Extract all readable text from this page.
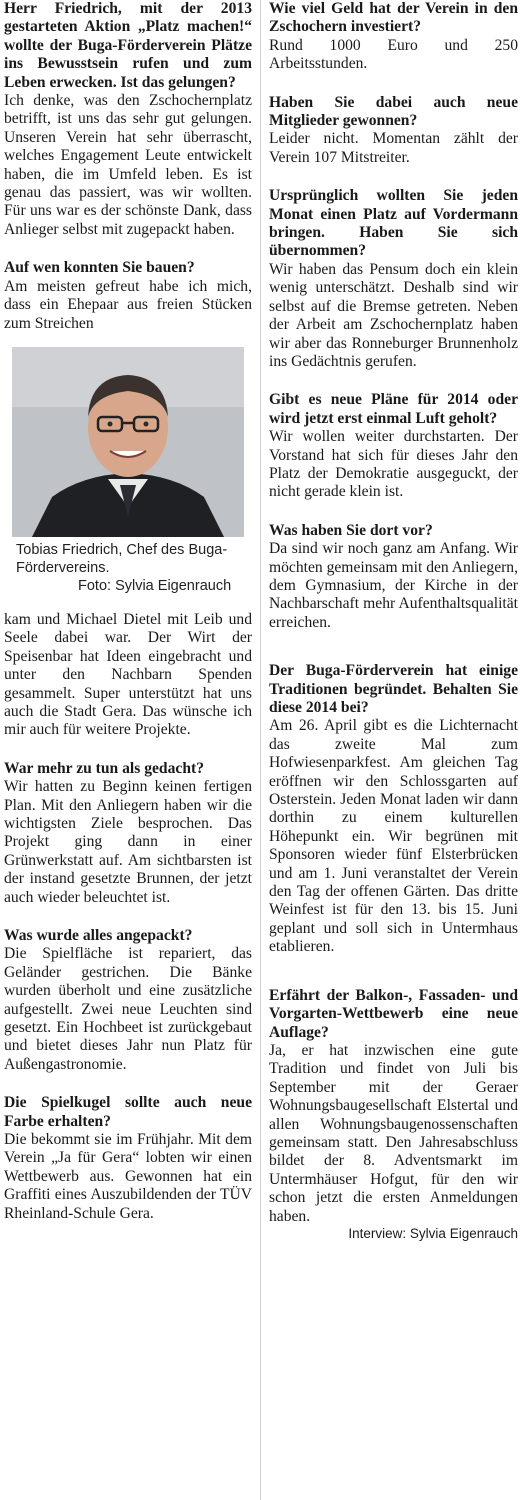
Herr Friedrich, mit der 2013 gestarteten Aktion „Platz machen!“ wollte der Buga-Förderverein Plätze ins Bewusstsein rufen und zum Leben erwecken. Ist das gelungen?

Ich denke, was den Zschochernplatz betrifft, ist uns das sehr gut gelungen. Unseren Verein hat sehr überrascht, welches Engagement Leute entwickelt haben, die im Umfeld leben. Es ist genau das passiert, was wir wollten. Für uns war es der schönste Dank, dass Anlieger selbst mit zugepackt haben.

Auf wen konnten Sie bauen?

Am meisten gefreut habe ich mich, dass ein Ehepaar aus freien Stücken zum Streichen

Tobias Friedrich, Chef des Buga-Fördervereins.
Foto: Sylvia Eigenrauch

kam und Michael Dietel mit Leib und Seele dabei war. Der Wirt der Speisenbar hat Ideen eingebracht und unter den Nachbarn Spenden gesammelt. Super unterstützt hat uns auch die Stadt Gera. Das wünsche ich mir auch für weitere Projekte.

War mehr zu tun als gedacht?

Wir hatten zu Beginn keinen fertigen Plan. Mit den Anliegern haben wir die wichtigsten Ziele besprochen. Das Projekt ging dann in einer Grünwerkstatt auf. Am sichtbarsten ist der instand gesetzte Brunnen, der jetzt auch wieder beleuchtet ist.

Was wurde alles angepackt?

Die Spielfläche ist repariert, das Geländer gestrichen. Die Bänke wurden überholt und eine zusätzliche aufgestellt. Zwei neue Leuchten sind gesetzt. Ein Hochbeet ist zurückgebaut und bietet dieses Jahr nun Platz für Außengastronomie.

Die Spielkugel sollte auch neue Farbe erhalten?

Die bekommt sie im Frühjahr. Mit dem Verein „Ja für Gera“ lobten wir einen Wettbewerb aus. Gewonnen hat ein Graffiti eines Auszubildenden der TÜV Rheinland-Schule Gera.

Wie viel Geld hat der Verein in den Zschochern investiert?

Rund 1000 Euro und 250 Arbeitsstunden.

Haben Sie dabei auch neue Mitglieder gewonnen?

Leider nicht. Momentan zählt der Verein 107 Mitstreiter.

Ursprünglich wollten Sie jeden Monat einen Platz auf Vordermann bringen. Haben Sie sich übernommen?

Wir haben das Pensum doch ein klein wenig unterschätzt. Deshalb sind wir selbst auf die Bremse getreten. Neben der Arbeit am Zschochernplatz haben wir aber das Ronneburger Brunnenholz ins Gedächtnis gerufen.

Gibt es neue Pläne für 2014 oder wird jetzt erst einmal Luft geholt?

Wir wollen weiter durchstarten. Der Vorstand hat sich für dieses Jahr den Platz der Demokratie ausgeguckt, der nicht gerade klein ist.

Was haben Sie dort vor?

Da sind wir noch ganz am Anfang. Wir möchten gemeinsam mit den Anliegern, dem Gymnasium, der Kirche in der Nachbarschaft mehr Aufenthaltsqualität erreichen.

Der Buga-Förderverein hat einige Traditionen begründet. Behalten Sie diese 2014 bei?

Am 26. April gibt es die Lichternacht das zweite Mal zum Hofwiesenparkfest. Am gleichen Tag eröffnen wir den Schlossgarten auf Osterstein. Jeden Monat laden wir dann dorthin zu einem kulturellen Höhepunkt ein. Wir begrünen mit Sponsoren wieder fünf Elsterbrücken und am 1. Juni veranstaltet der Verein den Tag der offenen Gärten. Das dritte Weinfest ist für den 13. bis 15. Juni geplant und soll sich in Untermhaus etablieren.

Erfährt der Balkon-, Fassaden- und Vorgarten-Wettbewerb eine neue Auflage?

Ja, er hat inzwischen eine gute Tradition und findet von Juli bis September mit der Geraer Wohnungsbaugesellschaft Elstertal und allen Wohnungsbaugenossenschaften gemeinsam statt. Den Jahresabschluss bildet der 8. Adventsmarkt im Untermhäuser Hofgut, für den wir schon jetzt die ersten Anmeldungen haben.

Interview: Sylvia Eigenrauch
